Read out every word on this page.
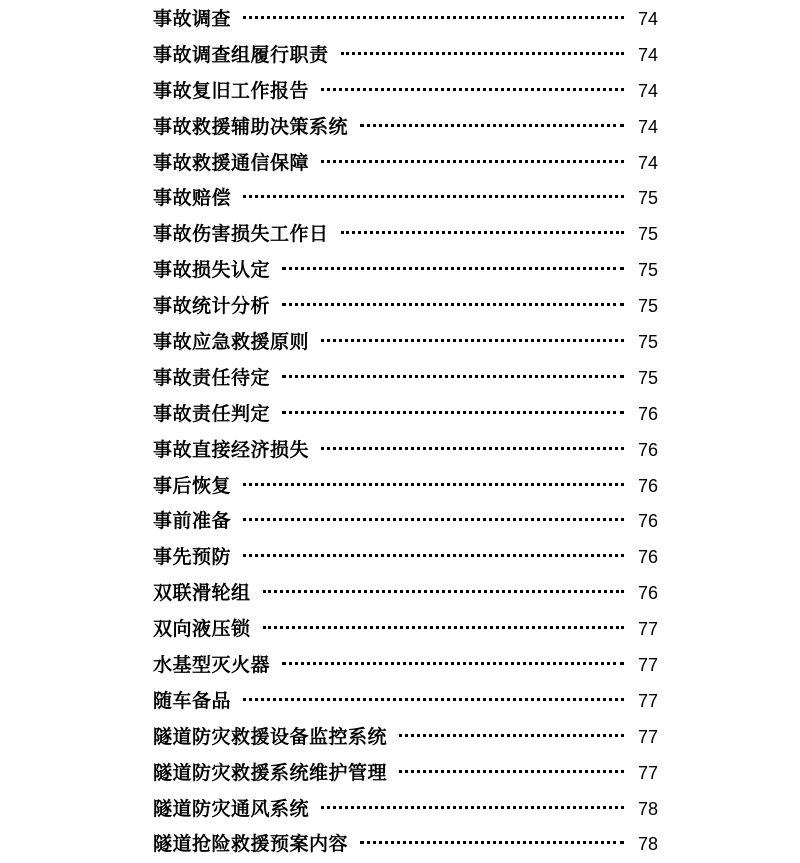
事故调查	74
事故调查组履行职责	74
事故复旧工作报告	74
事故救援辅助决策系统	74
事故救援通信保障	74
事故赔偿	75
事故伤害损失工作日	75
事故损失认定	75
事故统计分析	75
事故应急救援原则	75
事故责任待定	75
事故责任判定	76
事故直接经济损失	76
事后恢复	76
事前准备	76
事先预防	76
双联滑轮组	76
双向液压锁	77
水基型灭火器	77
随车备品	77
隧道防灾救援设备监控系统	77
隧道防灾救援系统维护管理	77
隧道防灾通风系统	78
隧道抢险救援预案内容	78
